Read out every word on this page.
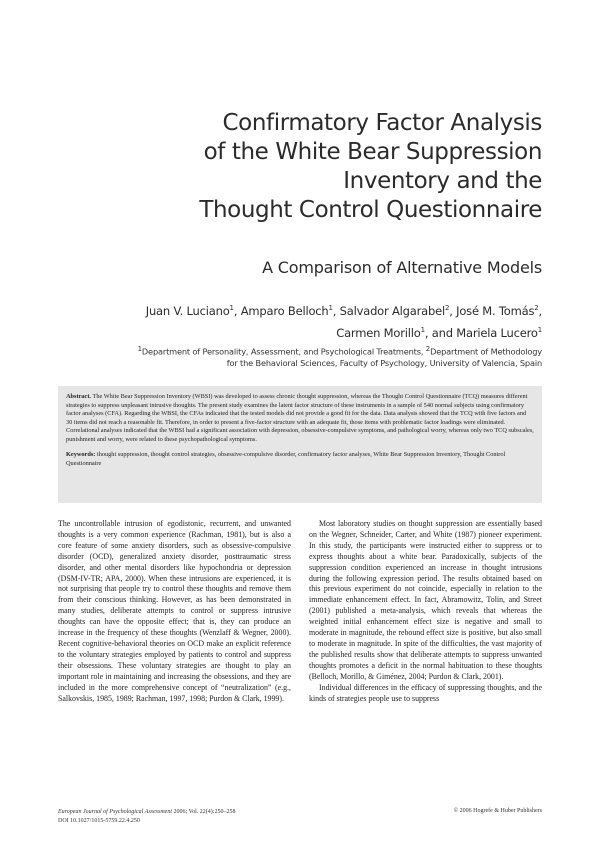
Confirmatory Factor Analysis
of the White Bear Suppression
Inventory and the
Thought Control Questionnaire
A Comparison of Alternative Models
Juan V. Luciano$^1$, Amparo Belloch$^1$, Salvador Algarabel$^2$, José M. Tomás$^2$,
Carmen Morillo$^1$, and Mariela Lucero$^1$
$^1$Department of Personality, Assessment, and Psychological Treatments, $^2$Department of Methodology
for the Behavioral Sciences, Faculty of Psychology, University of Valencia, Spain

Abstract. The White Bear Suppression Inventory (WBSI) was developed to assess chronic thought suppression, whereas the Thought Control Questionnaire (TCQ) measures different strategies to suppress unpleasant intrusive thoughts. The present study examines the latent factor structure of these instruments in a sample of 540 normal subjects using confirmatory factor analyses (CFA). Regarding the WBSI, the CFAs indicated that the tested models did not provide a good fit for the data. Data analysis showed that the TCQ with five factors and 30 items did not reach a reasonable fit. Therefore, in order to present a five-factor structure with an adequate fit, those items with problematic factor loadings were eliminated. Correlational analyses indicated that the WBSI had a significant association with depression, obsessive-compulsive symptoms, and pathological worry, whereas only two TCQ subscales, punishment and worry, were related to these psychopathological symptoms.

Keywords: thought suppression, thought control strategies, obsessive-compulsive disorder, confirmatory factor analyses, White Bear Suppression Inventory, Thought Control Questionnaire

The uncontrollable intrusion of egodistonic, recurrent, and unwanted thoughts is a very common experience (Rachman, 1981), but is also a core feature of some anxiety disorders, such as obsessive-compulsive disorder (OCD), generalized anxiety disorder, posttraumatic stress disorder, and other mental disorders like hypochondria or depression (DSM-IV-TR; APA, 2000). When these intrusions are experienced, it is not surprising that people try to control these thoughts and remove them from their conscious thinking. However, as has been demonstrated in many studies, deliberate attempts to control or suppress intrusive thoughts can have the opposite effect; that is, they can produce an increase in the frequency of these thoughts (Wenzlaff & Wegner, 2000). Recent cognitive-behavioral theories on OCD make an explicit reference to the voluntary strategies employed by patients to control and suppress their obsessions. These voluntary strategies are thought to play an important role in maintaining and increasing the obsessions, and they are included in the more comprehensive concept of “neutralization” (e.g., Salkovskis, 1985, 1989; Rachman, 1997, 1998; Purdon & Clark, 1999).

Most laboratory studies on thought suppression are essentially based on the Wegner, Schneider, Carter, and White (1987) pioneer experiment. In this study, the participants were instructed either to suppress or to express thoughts about a white bear. Paradoxically, subjects of the suppression condition experienced an increase in thought intrusions during the following expression period. The results obtained based on this previous experiment do not coincide, especially in relation to the immediate enhancement effect. In fact, Abramowitz, Tolin, and Street (2001) published a meta-analysis, which reveals that whereas the weighted initial enhancement effect size is negative and small to moderate in magnitude, the rebound effect size is positive, but also small to moderate in magnitude. In spite of the difficulties, the vast majority of the published results show that deliberate attempts to suppress unwanted thoughts promotes a deficit in the normal habituation to these thoughts (Belloch, Morillo, & Giménez, 2004; Purdon & Clark, 2001).

Individual differences in the efficacy of suppressing thoughts, and the kinds of strategies people use to suppress

European Journal of Psychological Assessment 2006; Vol. 22(4):250–258
DOI 10.1027/1015-5759.22.4.250
© 2006 Hogrefe & Huber Publishers
